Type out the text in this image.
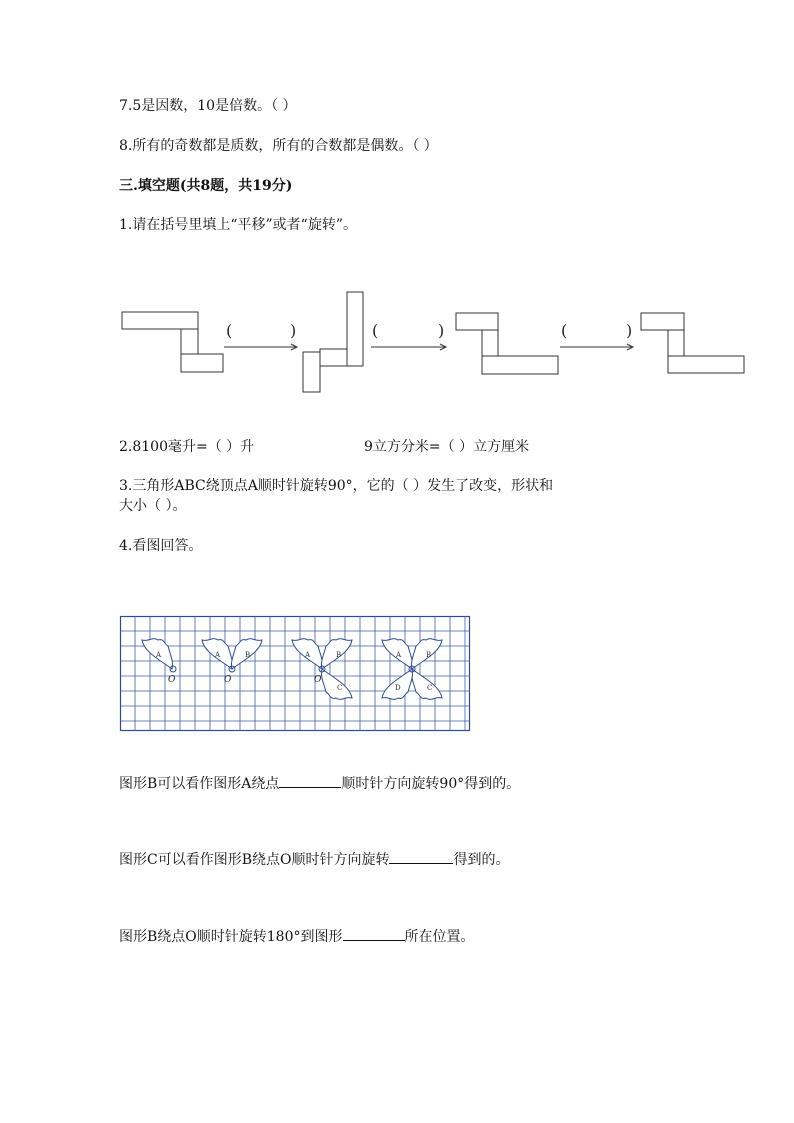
7.5是因数，10是倍数。（ ）
8.所有的奇数都是质数，所有的合数都是偶数。（ ）
三.填空题(共8题，共19分)
1.请在括号里填上“平移”或者“旋转”。
(	)	(	)	(	)
2.8100毫升=（ ）升	9立方分米=（ ）立方厘米
3.三角形ABC绕顶点A顺时针旋转90°，它的（ ）发生了改变，形状和
大小（ ）。
4.看图回答。
A
O
A	B
O
A	B
C
O
A	B
C
D
图形B可以看作图形A绕点	顺时针方向旋转90°得到的。
图形C可以看作图形B绕点O顺时针方向旋转	得到的。
图形B绕点O顺时针旋转180°到图形	所在位置。
